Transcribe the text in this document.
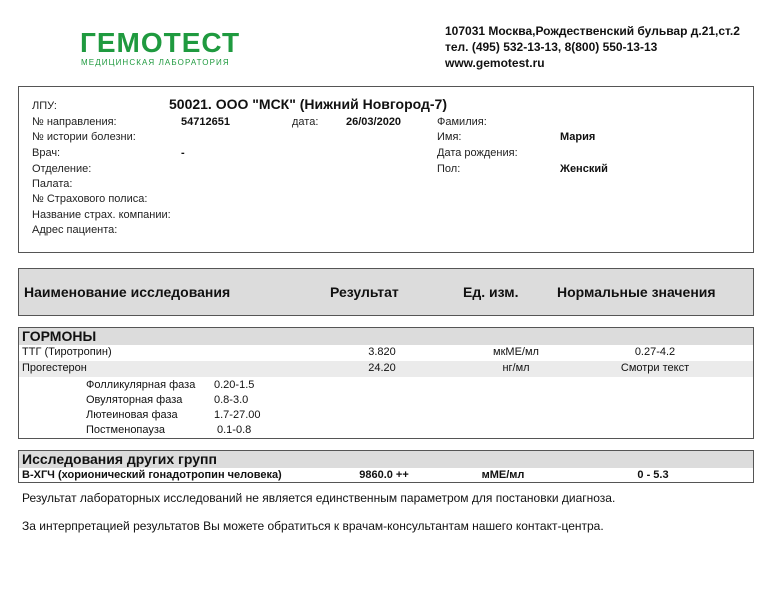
ГЕМОТЕСТ
МЕДИЦИНСКАЯ ЛАБОРАТОРИЯ
107031 Москва,Рождественский бульвар д.21,ст.2
тел. (495) 532-13-13, 8(800) 550-13-13
www.gemotest.ru
ЛПУ:	50021. ООО "МСК" (Нижний Новгород-7)
№ направления:	54712651	дата:	26/03/2020
№ истории болезни:
Врач:	-
Отделение:
Палата:
№ Страхового полиса:
Название страх. компании:
Адрес пациента:
Фамилия:
Имя:	Мария
Дата рождения:
Пол:	Женский
Наименование исследования	Результат	Ед. изм.	Нормальные значения
ГОРМОНЫ
ТТГ (Тиротропин)	3.820	мкМЕ/мл	0.27-4.2
Прогестерон	24.20	нг/мл	Смотри текст
Фолликулярная фаза 0.20-1.5
Овуляторная фаза	0.8-3.0
Лютеиновая фаза	1.7-27.00
Постменопауза	0.1-0.8
Исследования других групп
B-ХГЧ (хорионический гонадотропин человека)	9860.0 ++	мМЕ/мл	0 - 5.3
Результат лабораторных исследований не является единственным параметром для постановки диагноза.
За интерпретацией результатов Вы можете обратиться к врачам-консультантам нашего контакт-центра.
